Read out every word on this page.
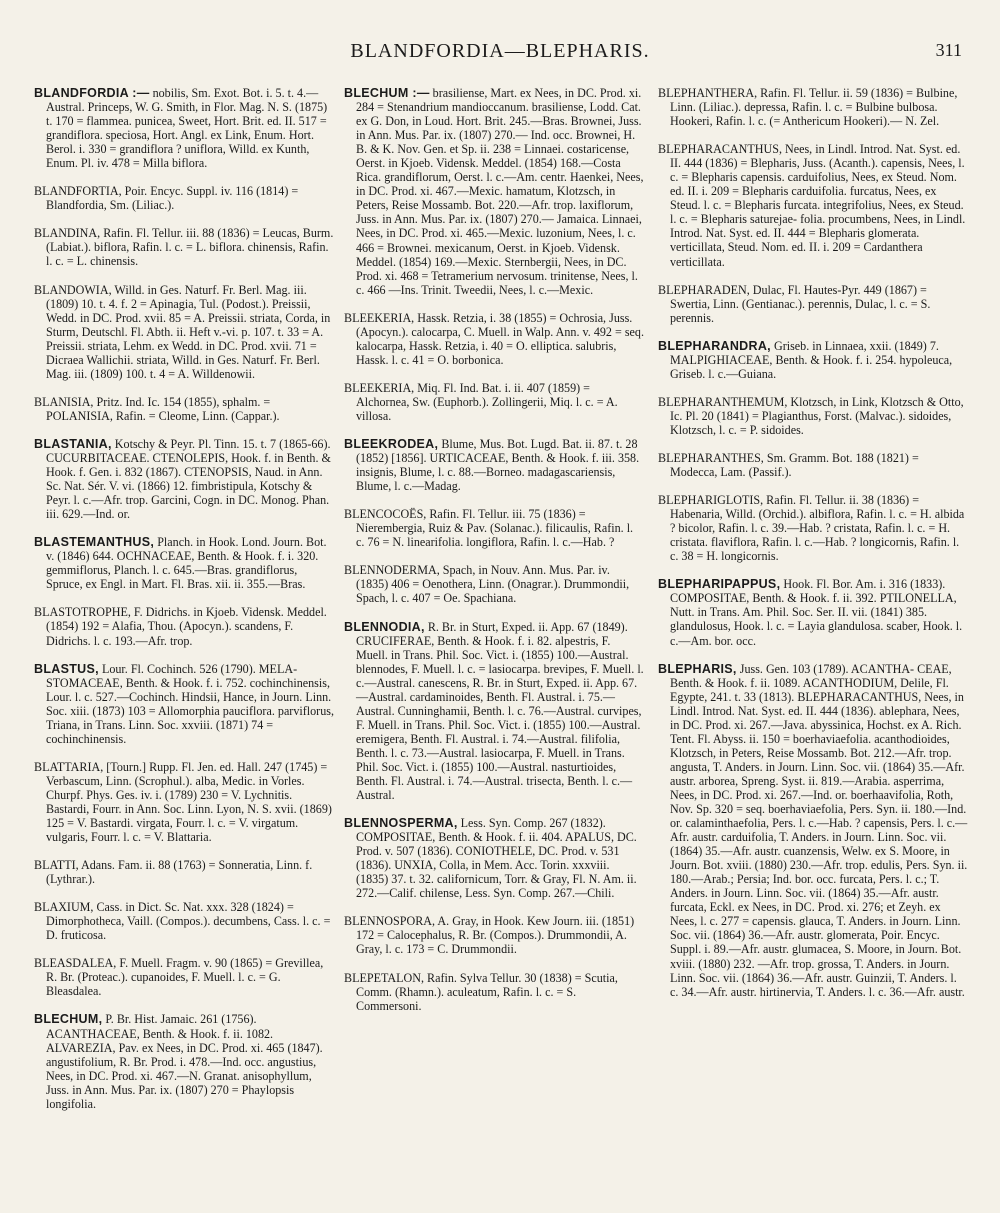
BLANDFORDIA—BLEPHARIS.	311
BLANDFORDIA :— nobilis, Sm. Exot. Bot. i. 5. t. 4.—Austral. Princeps, W. G. Smith, in Flor. Mag. N. S. (1875) t. 170 = flammea. punicea, Sweet, Hort. Brit. ed. II. 517 = grandiflora. speciosa, Hort. Angl. ex Link, Enum. Hort. Berol. i. 330 = grandiflora ? uniflora, Willd. ex Kunth, Enum. Pl. iv. 478 = Milla biflora.
BLANDFORTIA, Poir. Encyc. Suppl. iv. 116 (1814) = Blandfordia, Sm. (Liliac.).
BLANDINA, Rafin. Fl. Tellur. iii. 88 (1836) = Leucas, Burm. (Labiat.). biflora, Rafin. l. c. = L. biflora. chinensis, Rafin. l. c. = L. chinensis.
BLANDOWIA, Willd. in Ges. Naturf. Fr. Berl. Mag. iii. (1809) 10. t. 4. f. 2 = Apinagia, Tul. (Podost.). Preissii, Wedd. in DC. Prod. xvii. 85 = A. Preissii. striata, Corda, in Sturm, Deutschl. Fl. Abth. ii. Heft v.-vi. p. 107. t. 33 = A. Preissii. striata, Lehm. ex Wedd. in DC. Prod. xvii. 71 = Dicraea Wallichii. striata, Willd. in Ges. Naturf. Fr. Berl. Mag. iii. (1809) 100. t. 4 = A. Willdenowii.
BLANISIA, Pritz. Ind. Ic. 154 (1855), sphalm. = POLANISIA, Rafin. = Cleome, Linn. (Cappar.).
BLASTANIA, Kotschy & Peyr. Pl. Tinn. 15. t. 7 (1865-66). CUCURBITACEAE. CTENOLEPIS, Hook. f. in Benth. & Hook. f. Gen. i. 832 (1867). CTENOPSIS, Naud. in Ann. Sc. Nat. Sér. V. vi. (1866) 12. fimbristipula, Kotschy & Peyr. l. c.—Afr. trop. Garcini, Cogn. in DC. Monog. Phan. iii. 629.—Ind. or.
BLASTEMANTHUS, Planch. in Hook. Lond. Journ. Bot. v. (1846) 644. OCHNACEAE, Benth. & Hook. f. i. 320. gemmiflorus, Planch. l. c. 645.—Bras. grandiflorus, Spruce, ex Engl. in Mart. Fl. Bras. xii. ii. 355.—Bras.
BLASTOTROPHE, F. Didrichs. in Kjoeb. Vidensk. Meddel. (1854) 192 = Alafia, Thou. (Apocyn.). scandens, F. Didrichs. l. c. 193.—Afr. trop.
BLASTUS, Lour. Fl. Cochinch. 526 (1790). MELA- STOMACEAE, Benth. & Hook. f. i. 752. cochinchinensis, Lour. l. c. 527.—Cochinch. Hindsii, Hance, in Journ. Linn. Soc. xiii. (1873) 103 = Allomorphia pauciflora. parviflorus, Triana, in Trans. Linn. Soc. xxviii. (1871) 74 = cochinchinensis.
BLATTARIA, [Tourn.] Rupp. Fl. Jen. ed. Hall. 247 (1745) = Verbascum, Linn. (Scrophul.). alba, Medic. in Vorles. Churpf. Phys. Ges. iv. i. (1789) 230 = V. Lychnitis. Bastardi, Fourr. in Ann. Soc. Linn. Lyon, N. S. xvii. (1869) 125 = V. Bastardi. virgata, Fourr. l. c. = V. virgatum. vulgaris, Fourr. l. c. = V. Blattaria.
BLATTI, Adans. Fam. ii. 88 (1763) = Sonneratia, Linn. f. (Lythrar.).
BLAXIUM, Cass. in Dict. Sc. Nat. xxx. 328 (1824) = Dimorphotheca, Vaill. (Compos.). decumbens, Cass. l. c. = D. fruticosa.
BLEASDALEA, F. Muell. Fragm. v. 90 (1865) = Grevillea, R. Br. (Proteac.). cupanoides, F. Muell. l. c. = G. Bleasdalea.
BLECHUM, P. Br. Hist. Jamaic. 261 (1756). ACANTHACEAE, Benth. & Hook. f. ii. 1082. ALVAREZIA, Pav. ex Nees, in DC. Prod. xi. 465 (1847). angustifolium, R. Br. Prod. i. 478.—Ind. occ. angustius, Nees, in DC. Prod. xi. 467.—N. Granat. anisophyllum, Juss. in Ann. Mus. Par. ix. (1807) 270 = Phaylopsis longifolia.
BLECHUM :— brasiliense, Mart. ex Nees, in DC. Prod. xi. 284 = Stenandrium mandioccanum. brasiliense, Lodd. Cat. ex G. Don, in Loud. Hort. Brit. 245.—Bras. Brownei, Juss. in Ann. Mus. Par. ix. (1807) 270.— Ind. occ. Brownei, H. B. & K. Nov. Gen. et Sp. ii. 238 = Linnaei. costaricense, Oerst. in Kjoeb. Vidensk. Meddel. (1854) 168.—Costa Rica. grandiflorum, Oerst. l. c.—Am. centr. Haenkei, Nees, in DC. Prod. xi. 467.—Mexic. hamatum, Klotzsch, in Peters, Reise Mossamb. Bot. 220.—Afr. trop. laxiflorum, Juss. in Ann. Mus. Par. ix. (1807) 270.— Jamaica. Linnaei, Nees, in DC. Prod. xi. 465.—Mexic. luzonium, Nees, l. c. 466 = Brownei. mexicanum, Oerst. in Kjoeb. Vidensk. Meddel. (1854) 169.—Mexic. Sternbergii, Nees, in DC. Prod. xi. 468 = Tetramerium nervosum. trinitense, Nees, l. c. 466 —Ins. Trinit. Tweedii, Nees, l. c.—Mexic.
BLEEKERIA, Hassk. Retzia, i. 38 (1855) = Ochrosia, Juss. (Apocyn.). calocarpa, C. Muell. in Walp. Ann. v. 492 = seq. kalocarpa, Hassk. Retzia, i. 40 = O. elliptica. salubris, Hassk. l. c. 41 = O. borbonica.
BLEEKERIA, Miq. Fl. Ind. Bat. i. ii. 407 (1859) = Alchornea, Sw. (Euphorb.). Zollingerii, Miq. l. c. = A. villosa.
BLEEKRODEA, Blume, Mus. Bot. Lugd. Bat. ii. 87. t. 28 (1852) [1856]. URTICACEAE, Benth. & Hook. f. iii. 358. insignis, Blume, l. c. 88.—Borneo. madagascariensis, Blume, l. c.—Madag.
BLENCOCOËS, Rafin. Fl. Tellur. iii. 75 (1836) = Nierembergia, Ruiz & Pav. (Solanac.). filicaulis, Rafin. l. c. 76 = N. linearifolia. longiflora, Rafin. l. c.—Hab. ?
BLENNODERMA, Spach, in Nouv. Ann. Mus. Par. iv. (1835) 406 = Oenothera, Linn. (Onagrar.). Drummondii, Spach, l. c. 407 = Oe. Spachiana.
BLENNODIA, R. Br. in Sturt, Exped. ii. App. 67 (1849). CRUCIFERAE, Benth. & Hook. f. i. 82. alpestris, F. Muell. in Trans. Phil. Soc. Vict. i. (1855) 100.—Austral. blennodes, F. Muell. l. c. = lasiocarpa. brevipes, F. Muell. l. c.—Austral. canescens, R. Br. in Sturt, Exped. ii. App. 67.—Austral. cardaminoides, Benth. Fl. Austral. i. 75.—Austral. Cunninghamii, Benth. l. c. 76.—Austral. curvipes, F. Muell. in Trans. Phil. Soc. Vict. i. (1855) 100.—Austral. eremigera, Benth. Fl. Austral. i. 74.—Austral. filifolia, Benth. l. c. 73.—Austral. lasiocarpa, F. Muell. in Trans. Phil. Soc. Vict. i. (1855) 100.—Austral. nasturtioides, Benth. Fl. Austral. i. 74.—Austral. trisecta, Benth. l. c.—Austral.
BLENNOSPERMA, Less. Syn. Comp. 267 (1832). COMPOSITAE, Benth. & Hook. f. ii. 404. APALUS, DC. Prod. v. 507 (1836). CONIOTHELE, DC. Prod. v. 531 (1836). UNXIA, Colla, in Mem. Acc. Torin. xxxviii. (1835) 37. t. 32. californicum, Torr. & Gray, Fl. N. Am. ii. 272.—Calif. chilense, Less. Syn. Comp. 267.—Chili.
BLENNOSPORA, A. Gray, in Hook. Kew Journ. iii. (1851) 172 = Calocephalus, R. Br. (Compos.). Drummondii, A. Gray, l. c. 173 = C. Drummondii.
BLEPETALON, Rafin. Sylva Tellur. 30 (1838) = Scutia, Comm. (Rhamn.). aculeatum, Rafin. l. c. = S. Commersoni.
BLEPHANTHERA, Rafin. Fl. Tellur. ii. 59 (1836) = Bulbine, Linn. (Liliac.). depressa, Rafin. l. c. = Bulbine bulbosa. Hookeri, Rafin. l. c. (= Anthericum Hookeri).— N. Zel.
BLEPHARACANTHUS, Nees, in Lindl. Introd. Nat. Syst. ed. II. 444 (1836) = Blepharis, Juss. (Acanth.). capensis, Nees, l. c. = Blepharis capensis. carduifolius, Nees, ex Steud. Nom. ed. II. i. 209 = Blepharis carduifolia. furcatus, Nees, ex Steud. l. c. = Blepharis furcata. integrifolius, Nees, ex Steud. l. c. = Blepharis saturejae- folia. procumbens, Nees, in Lindl. Introd. Nat. Syst. ed. II. 444 = Blepharis glomerata. verticillata, Steud. Nom. ed. II. i. 209 = Cardanthera verticillata.
BLEPHARADEN, Dulac, Fl. Hautes-Pyr. 449 (1867) = Swertia, Linn. (Gentianac.). perennis, Dulac, l. c. = S. perennis.
BLEPHARANDRA, Griseb. in Linnaea, xxii. (1849) 7. MALPIGHIACEAE, Benth. & Hook. f. i. 254. hypoleuca, Griseb. l. c.—Guiana.
BLEPHARANTHEMUM, Klotzsch, in Link, Klotzsch & Otto, Ic. Pl. 20 (1841) = Plagianthus, Forst. (Malvac.). sidoides, Klotzsch, l. c. = P. sidoides.
BLEPHARANTHES, Sm. Gramm. Bot. 188 (1821) = Modecca, Lam. (Passif.).
BLEPHARIGLOTIS, Rafin. Fl. Tellur. ii. 38 (1836) = Habenaria, Willd. (Orchid.). albiflora, Rafin. l. c. = H. albida ? bicolor, Rafin. l. c. 39.—Hab. ? cristata, Rafin. l. c. = H. cristata. flaviflora, Rafin. l. c.—Hab. ? longicornis, Rafin. l. c. 38 = H. longicornis.
BLEPHARIPAPPUS, Hook. Fl. Bor. Am. i. 316 (1833). COMPOSITAE, Benth. & Hook. f. ii. 392. PTILONELLA, Nutt. in Trans. Am. Phil. Soc. Ser. II. vii. (1841) 385. glandulosus, Hook. l. c. = Layia glandulosa. scaber, Hook. l. c.—Am. bor. occ.
BLEPHARIS, Juss. Gen. 103 (1789). ACANTHA- CEAE, Benth. & Hook. f. ii. 1089. ACANTHODIUM, Delile, Fl. Egypte, 241. t. 33 (1813). BLEPHARACANTHUS, Nees, in Lindl. Introd. Nat. Syst. ed. II. 444 (1836). ablephara, Nees, in DC. Prod. xi. 267.—Java. abyssinica, Hochst. ex A. Rich. Tent. Fl. Abyss. ii. 150 = boerhaviaefolia. acanthodioides, Klotzsch, in Peters, Reise Mossamb. Bot. 212.—Afr. trop. angusta, T. Anders. in Journ. Linn. Soc. vii. (1864) 35.—Afr. austr. arborea, Spreng. Syst. ii. 819.—Arabia. asperrima, Nees, in DC. Prod. xi. 267.—Ind. or. boerhaavifolia, Roth, Nov. Sp. 320 = seq. boerhaviaefolia, Pers. Syn. ii. 180.—Ind. or. calaminthaefolia, Pers. l. c.—Hab. ? capensis, Pers. l. c.—Afr. austr. carduifolia, T. Anders. in Journ. Linn. Soc. vii. (1864) 35.—Afr. austr. cuanzensis, Welw. ex S. Moore, in Journ. Bot. xviii. (1880) 230.—Afr. trop. edulis, Pers. Syn. ii. 180.—Arab.; Persia; Ind. bor. occ. furcata, Pers. l. c.; T. Anders. in Journ. Linn. Soc. vii. (1864) 35.—Afr. austr. furcata, Eckl. ex Nees, in DC. Prod. xi. 276; et Zeyh. ex Nees, l. c. 277 = capensis. glauca, T. Anders. in Journ. Linn. Soc. vii. (1864) 36.—Afr. austr. glomerata, Poir. Encyc. Suppl. i. 89.—Afr. austr. glumacea, S. Moore, in Journ. Bot. xviii. (1880) 232. —Afr. trop. grossa, T. Anders. in Journ. Linn. Soc. vii. (1864) 36.—Afr. austr. Guinzii, T. Anders. l. c. 34.—Afr. austr. hirtinervia, T. Anders. l. c. 36.—Afr. austr.
